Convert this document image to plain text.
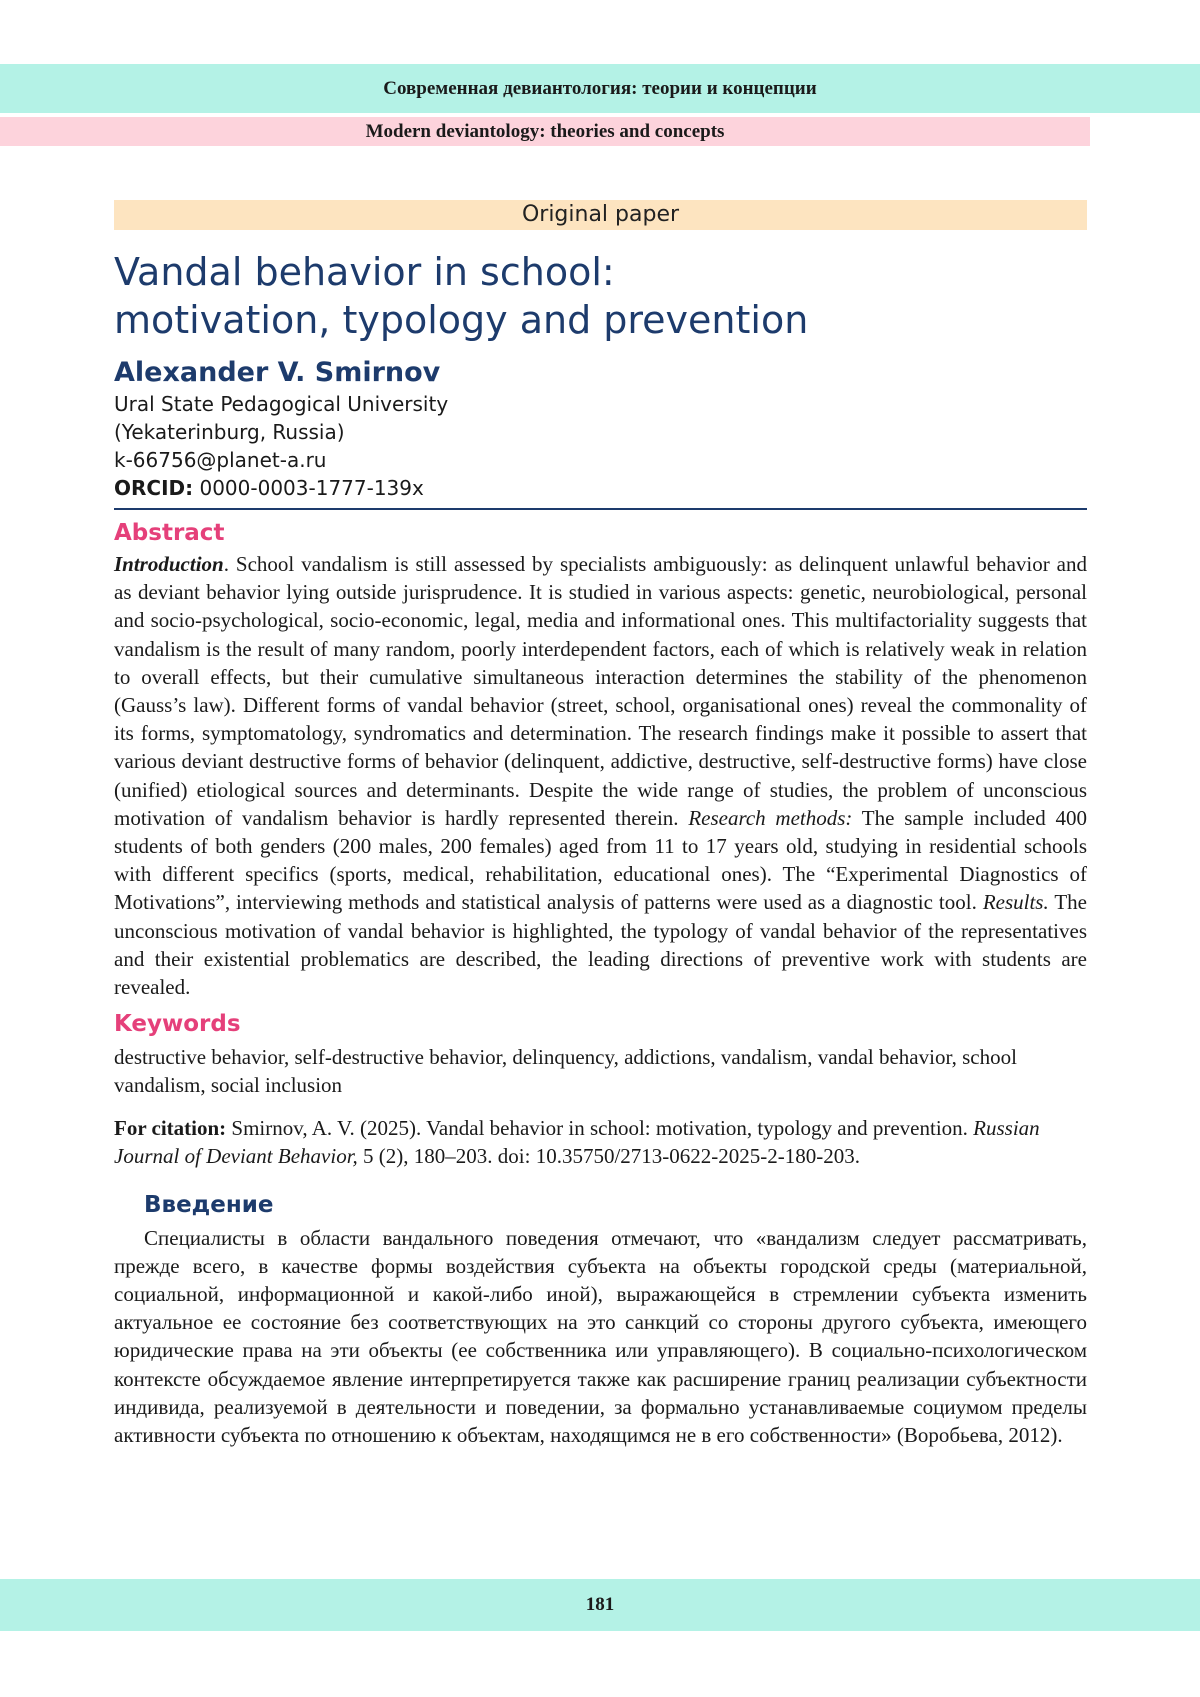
Современная девиантология: теории и концепции
Modern deviantology: theories and concepts
Original paper
Vandal behavior in school:
motivation, typology and prevention
Alexander V. Smirnov
Ural State Pedagogical University
(Yekaterinburg, Russia)
k-66756@planet-a.ru
ORCID: 0000-0003-1777-139x
Abstract

Introduction. School vandalism is still assessed by specialists ambiguously: as delinquent unlawful behavior and as deviant behavior lying outside jurisprudence. It is studied in various aspects: genetic, neurobiological, personal and socio-psychological, socio-economic, legal, media and informational ones. This multifactoriality suggests that vandalism is the result of many random, poorly interdependent factors, each of which is relatively weak in relation to overall effects, but their cumulative simultaneous interaction determines the stability of the phenomenon (Gauss’s law). Different forms of vandal behavior (street, school, organisational ones) reveal the commonality of its forms, symptomatology, syndromatics and determination. The research findings make it possible to assert that various deviant destructive forms of behavior (delinquent, addictive, destructive, self-destructive forms) have close (unified) etiological sources and determinants. Despite the wide range of studies, the problem of unconscious motivation of vandalism behavior is hardly represented therein. Research methods: The sample included 400 students of both genders (200 males, 200 females) aged from 11 to 17 years old, studying in residential schools with different specifics (sports, medical, rehabilitation, educational ones). The “Experimental Diagnostics of Motivations”, interviewing methods and statistical analysis of patterns were used as a diagnostic tool. Results. The unconscious motivation of vandal behavior is highlighted, the typology of vandal behavior of the representatives and their existential problematics are described, the leading directions of preventive work with students are revealed.

Keywords

destructive behavior, self-destructive behavior, delinquency, addictions, vandalism, vandal behavior, school vandalism, social inclusion

For citation: Smirnov, A. V. (2025). Vandal behavior in school: motivation, typology and prevention. Russian Journal of Deviant Behavior, 5 (2), 180–203. doi: 10.35750/2713-0622-2025-2-180-203.

Введение

Специалисты в области вандального поведения отмечают, что «вандализм следует рассматривать, прежде всего, в качестве формы воздействия субъекта на объекты городской среды (материальной, социальной, информационной и какой-либо иной), выражающейся в стремлении субъекта изменить актуальное ее состояние без соответствующих на это санкций со стороны другого субъекта, имеющего юридические права на эти объекты (ее собственника или управляющего). В социально-психологическом контексте обсуждаемое явление интерпретируется также как расширение границ реализации субъектности индивида, реализуемой в деятельности и поведении, за формально устанавливаемые социумом пределы активности субъекта по отношению к объектам, находящимся не в его собственности» (Воробьева, 2012).

181
